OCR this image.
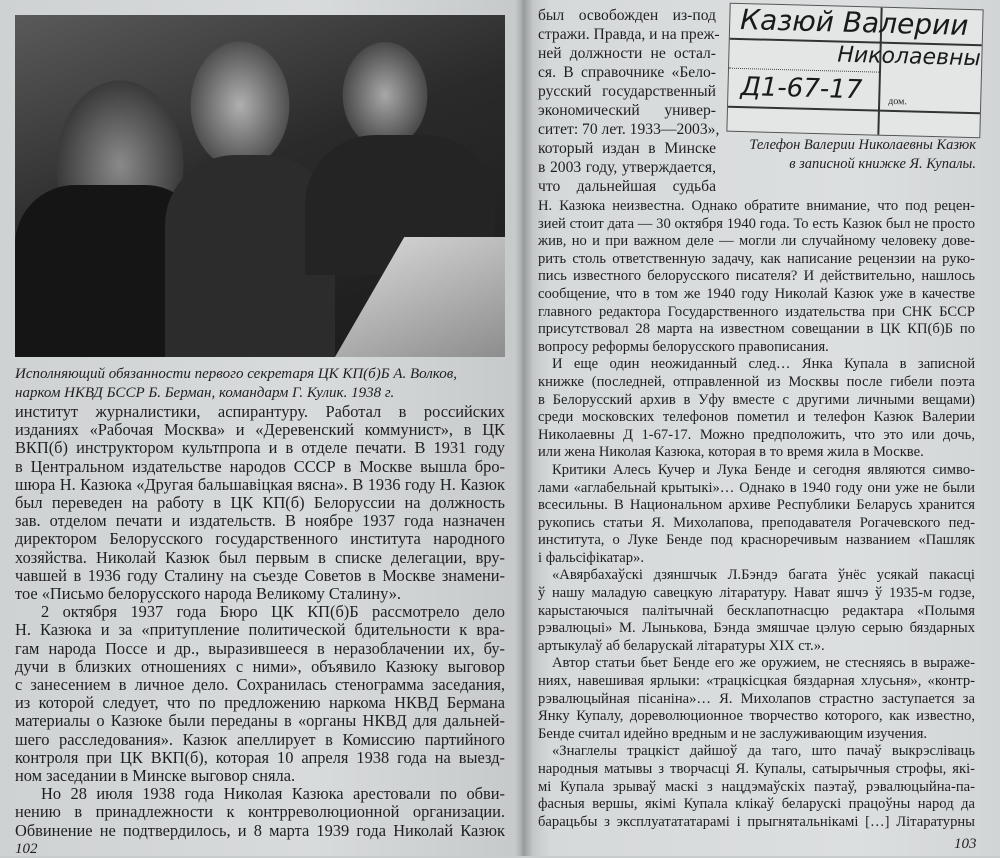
Исполняющий обязанности первого секретаря ЦК КП(б)Б А. Волков,
нарком НКВД БССР Б. Берман, командарм Г. Кулик. 1938 г.
институт журналистики, аспирантуру. Работал в российских
изданиях «Рабочая Москва» и «Деревенский коммунист», в ЦК
ВКП(б) инструктором культпропа и в отделе печати. В 1931 году
в Центральном издательстве народов СССР в Москве вышла бро-
шюра Н. Казюка «Другая бальшавіцкая вясна». В 1936 году Н. Казюк
был переведен на работу в ЦК КП(б) Белоруссии на должность
зав. отделом печати и издательств. В ноябре 1937 года назначен
директором Белорусского государственного института народного
хозяйства. Николай Казюк был первым в списке делегации, вру-
чавшей в 1936 году Сталину на съезде Советов в Москве знамени-
тое «Письмо белорусского народа Великому Сталину».
2 октября 1937 года Бюро ЦК КП(б)Б рассмотрело дело
Н. Казюка и за «притупление политической бдительности к вра-
гам народа Поссе и др., выразившееся в неразоблачении их, бу-
дучи в близких отношениях с ними», объявило Казюку выговор
с занесением в личное дело. Сохранилась стенограмма заседания,
из которой следует, что по предложению наркома НКВД Бермана
материалы о Казюке были переданы в «органы НКВД для дальней-
шего расследования». Казюк апеллирует в Комиссию партийного
контроля при ЦК ВКП(б), которая 10 апреля 1938 года на выезд-
ном заседании в Минске выговор сняла.
Но 28 июля 1938 года Николая Казюка арестовали по обви-
нению в принадлежности к контрреволюционной организации.
Обвинение не подтвердилось, и 8 марта 1939 года Николай Казюк
102
был освобожден из-под
стражи. Правда, и на преж-
ней должности не остал-
ся. В справочнике «Бело-
русский государственный
экономический универ-
ситет: 70 лет. 1933—2003»,
который издан в Минске
в 2003 году, утверждается,
что дальнейшая судьба
Казюй Валерии
Николаевны
Д1-67-17	дом.
Телефон Валерии Николаевны Казюк
в записной книжке Я. Купалы.
Н. Казюка неизвестна. Однако обратите внимание, что под рецен-
зией стоит дата — 30 октября 1940 года. То есть Казюк был не просто
жив, но и при важном деле — могли ли случайному человеку дове-
рить столь ответственную задачу, как написание рецензии на руко-
пись известного белорусского писателя? И действительно, нашлось
сообщение, что в том же 1940 году Николай Казюк уже в качестве
главного редактора Государственного издательства при СНК БССР
присутствовал 28 марта на известном совещании в ЦК КП(б)Б по
вопросу реформы белорусского правописания.
И еще один неожиданный след… Янка Купала в записной
книжке (последней, отправленной из Москвы после гибели поэта
в Белорусский архив в Уфу вместе с другими личными вещами)
среди московских телефонов пометил и телефон Казюк Валерии
Николаевны Д 1-67-17. Можно предположить, что это или дочь,
или жена Николая Казюка, которая в то время жила в Москве.
Критики Алесь Кучер и Лука Бенде и сегодня являются симво-
лами «аглабельнай крытыкі»… Однако в 1940 году они уже не были
всесильны. В Национальном архиве Республики Беларусь хранится
рукопись статьи Я. Михолапова, преподавателя Рогачевского пед-
института, о Луке Бенде под красноречивым названием «Пашляк
і фальсіфікатар».
«Авярбахаўскі дзяншчык Л.Бэндэ багата ўнёс усякай пакасці
ў нашу маладую савецкую літаратуру. Нават яшчэ ў 1935-м годзе,
карыстаючыся палітычнай бесклапотнасцю редактара «Полымя
рэвалюцыі» М. Лынькова, Бэнда змяшчае цэлую серыю бяздарных
артыкулаў аб беларускай літаратуры XIX ст.».
Автор статьи бьет Бенде его же оружием, не стесняясь в выраже-
ниях, навешивая ярлыки: «трацкісцкая бяздарная хлусьня», «контр-
рэвалюцыйная пісаніна»… Я. Михолапов страстно заступается за
Янку Купалу, дореволюционное творчество которого, как известно,
Бенде считал идейно вредным и не заслуживающим изучения.
«Знаглелы трацкіст дайшоў да таго, што пачаў выкрэсліваць
народныя матывы з творчасці Я. Купалы, сатырычныя строфы, які-
мі Купала зрываў маскі з нацдэмаўскіх паэтаў, рэвалюцыйна-па-
фасныя вершы, якімі Купала клікаў беларускі працоўны народ да
барацьбы з эксплуатататарамі і прыгнятальнікамі […] Літаратурны
103
